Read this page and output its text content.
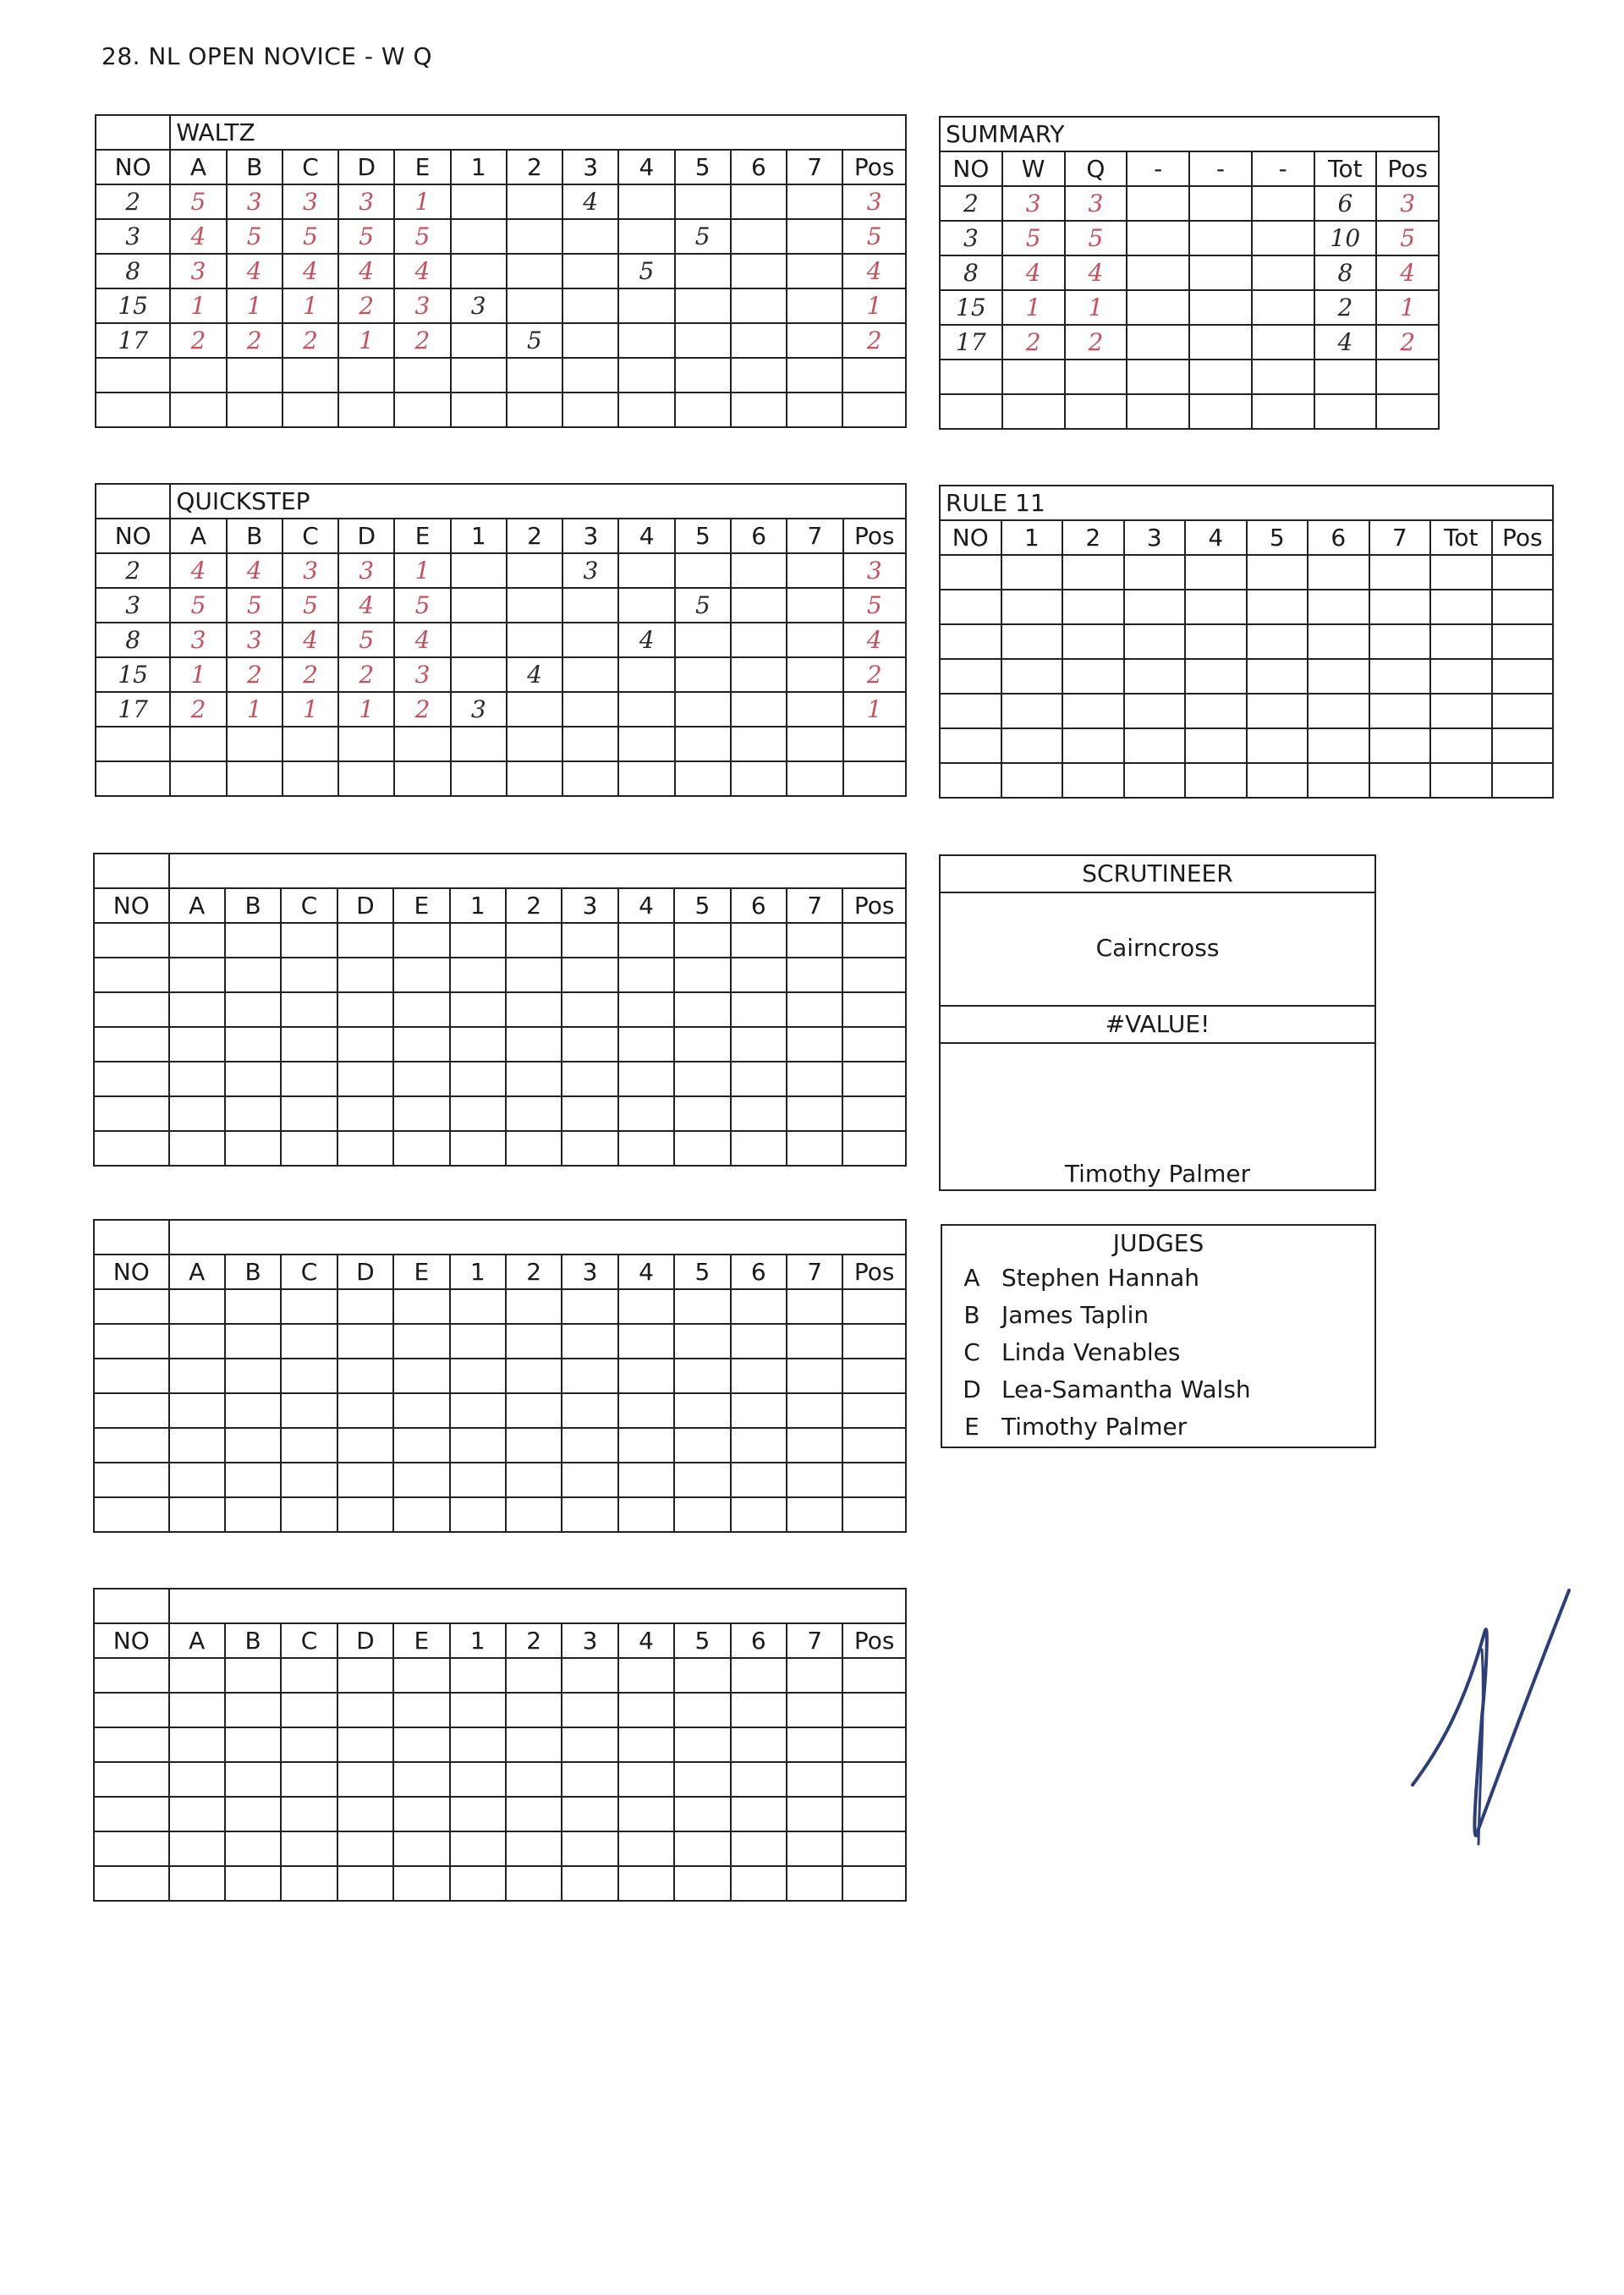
28. NL OPEN NOVICE - W Q
	WALTZ												
NO	A	B	C	D	E	1	2	3	4	5	6	7	Pos
2	5	3	3	3	1			4					3
3	4	5	5	5	5					5			5
8	3	4	4	4	4				5				4
15	1	1	1	2	3	3							1
17	2	2	2	1	2		5						2

	QUICKSTEP												
NO	A	B	C	D	E	1	2	3	4	5	6	7	Pos
2	4	4	3	3	1			3					3
3	5	5	5	4	5					5			5
8	3	3	4	5	4				4				4
15	1	2	2	2	3		4						2
17	2	1	1	1	2	3							1

NO	A	B	C	D	E	1	2	3	4	5	6	7	Pos

NO	A	B	C	D	E	1	2	3	4	5	6	7	Pos

NO	A	B	C	D	E	1	2	3	4	5	6	7	Pos

SUMMARY							
NO	W	Q	-	-	-	Tot	Pos
2	3	3				6	3
3	5	5				10	5
8	4	4				8	4
15	1	1				2	1
17	2	2				4	2

RULE 11									
NO	1	2	3	4	5	6	7	Tot	Pos

SCRUTINEER
Cairncross
#VALUE!
Timothy Palmer
JUDGES
A Stephen Hannah
B James Taplin
C Linda Venables
D Lea-Samantha Walsh
E Timothy Palmer
